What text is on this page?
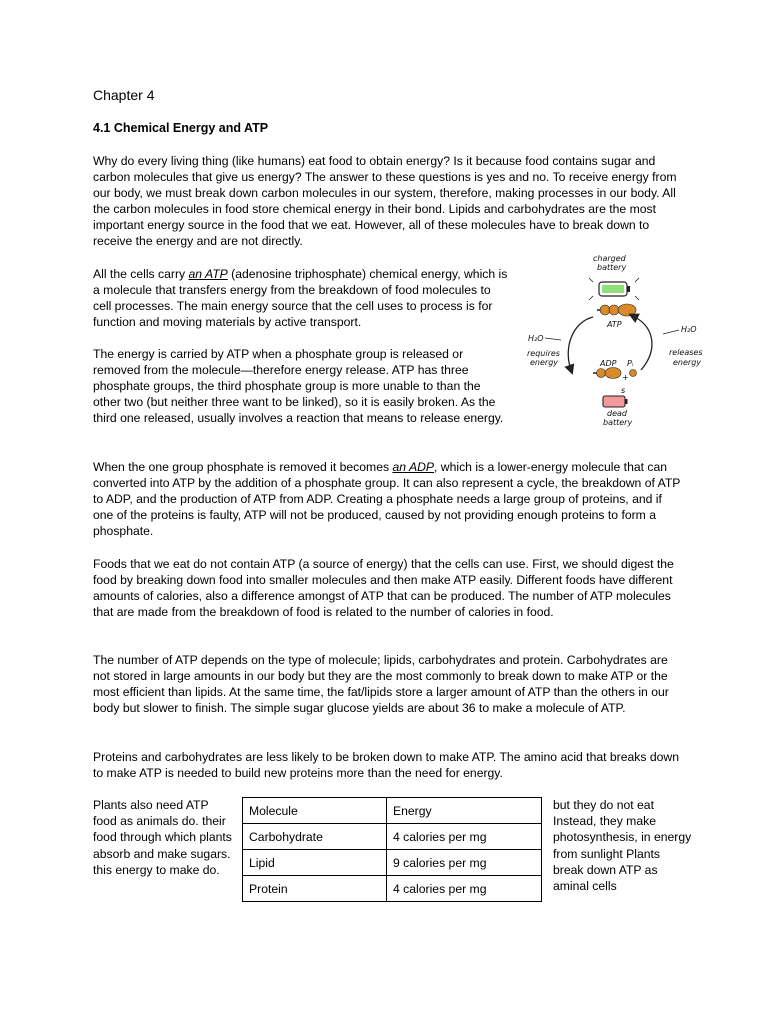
Chapter 4
4.1 Chemical Energy and ATP

Why do every living thing (like humans) eat food to obtain energy? Is it because food contains sugar and carbon molecules that give us energy? The answer to these questions is yes and no. To receive energy from our body, we must break down carbon molecules in our system, therefore, making processes in our body. All the carbon molecules in food store chemical energy in their bond. Lipids and carbohydrates are the most important energy source in the food that we eat. However, all of these molecules have to break down to receive the energy and are not directly.

All the cells carry an ATP (adenosine triphosphate) chemical energy, which is a molecule that transfers energy from the breakdown of food molecules to cell processes. The main energy source that the cell uses to process is for function and moving materials by active transport.

The energy is carried by ATP when a phosphate group is released or removed from the molecule—therefore energy release. ATP has three phosphate groups, the third phosphate group is more unable to than the other two (but neither three want to be linked), so it is easily broken. As the third one released, usually involves a reaction that means to release energy.

When the one group phosphate is removed it becomes an ADP, which is a lower-energy molecule that can converted into ATP by the addition of a phosphate group. It can also represent a cycle, the breakdown of ATP to ADP, and the production of ATP from ADP. Creating a phosphate needs a large group of proteins, and if one of the proteins is faulty, ATP will not be produced, caused by not providing enough proteins to form a phosphate.

Foods that we eat do not contain ATP (a source of energy) that the cells can use. First, we should digest the food by breaking down food into smaller molecules and then make ATP easily. Different foods have different amounts of calories, also a difference amongst of ATP that can be produced. The number of ATP molecules that are made from the breakdown of food is related to the number of calories in food.

The number of ATP depends on the type of molecule; lipids, carbohydrates and protein. Carbohydrates are not stored in large amounts in our body but they are the most commonly to break down to make ATP or the most efficient than lipids. At the same time, the fat/lipids store a larger amount of ATP than the others in our body but slower to finish. The simple sugar glucose yields are about 36 to make a molecule of ATP.

Proteins and carbohydrates are less likely to be broken down to make ATP. The amino acid that breaks down to make ATP is needed to build new proteins more than the need for energy.

charged
battery
ATP
H₂O
H₂O
requires
energy
releases
energy
ADP Pᵢ
+
s
dead
battery

Plants also need ATP food as animals do. their food through which plants absorb and make sugars. this energy to make do.

Molecule	Energy
Carbohydrate	4 calories per mg
Lipid	9 calories per mg
Protein	4 calories per mg

but they do not eat Instead, they make photosynthesis, in energy from sunlight Plants break down ATP as aminal cells
